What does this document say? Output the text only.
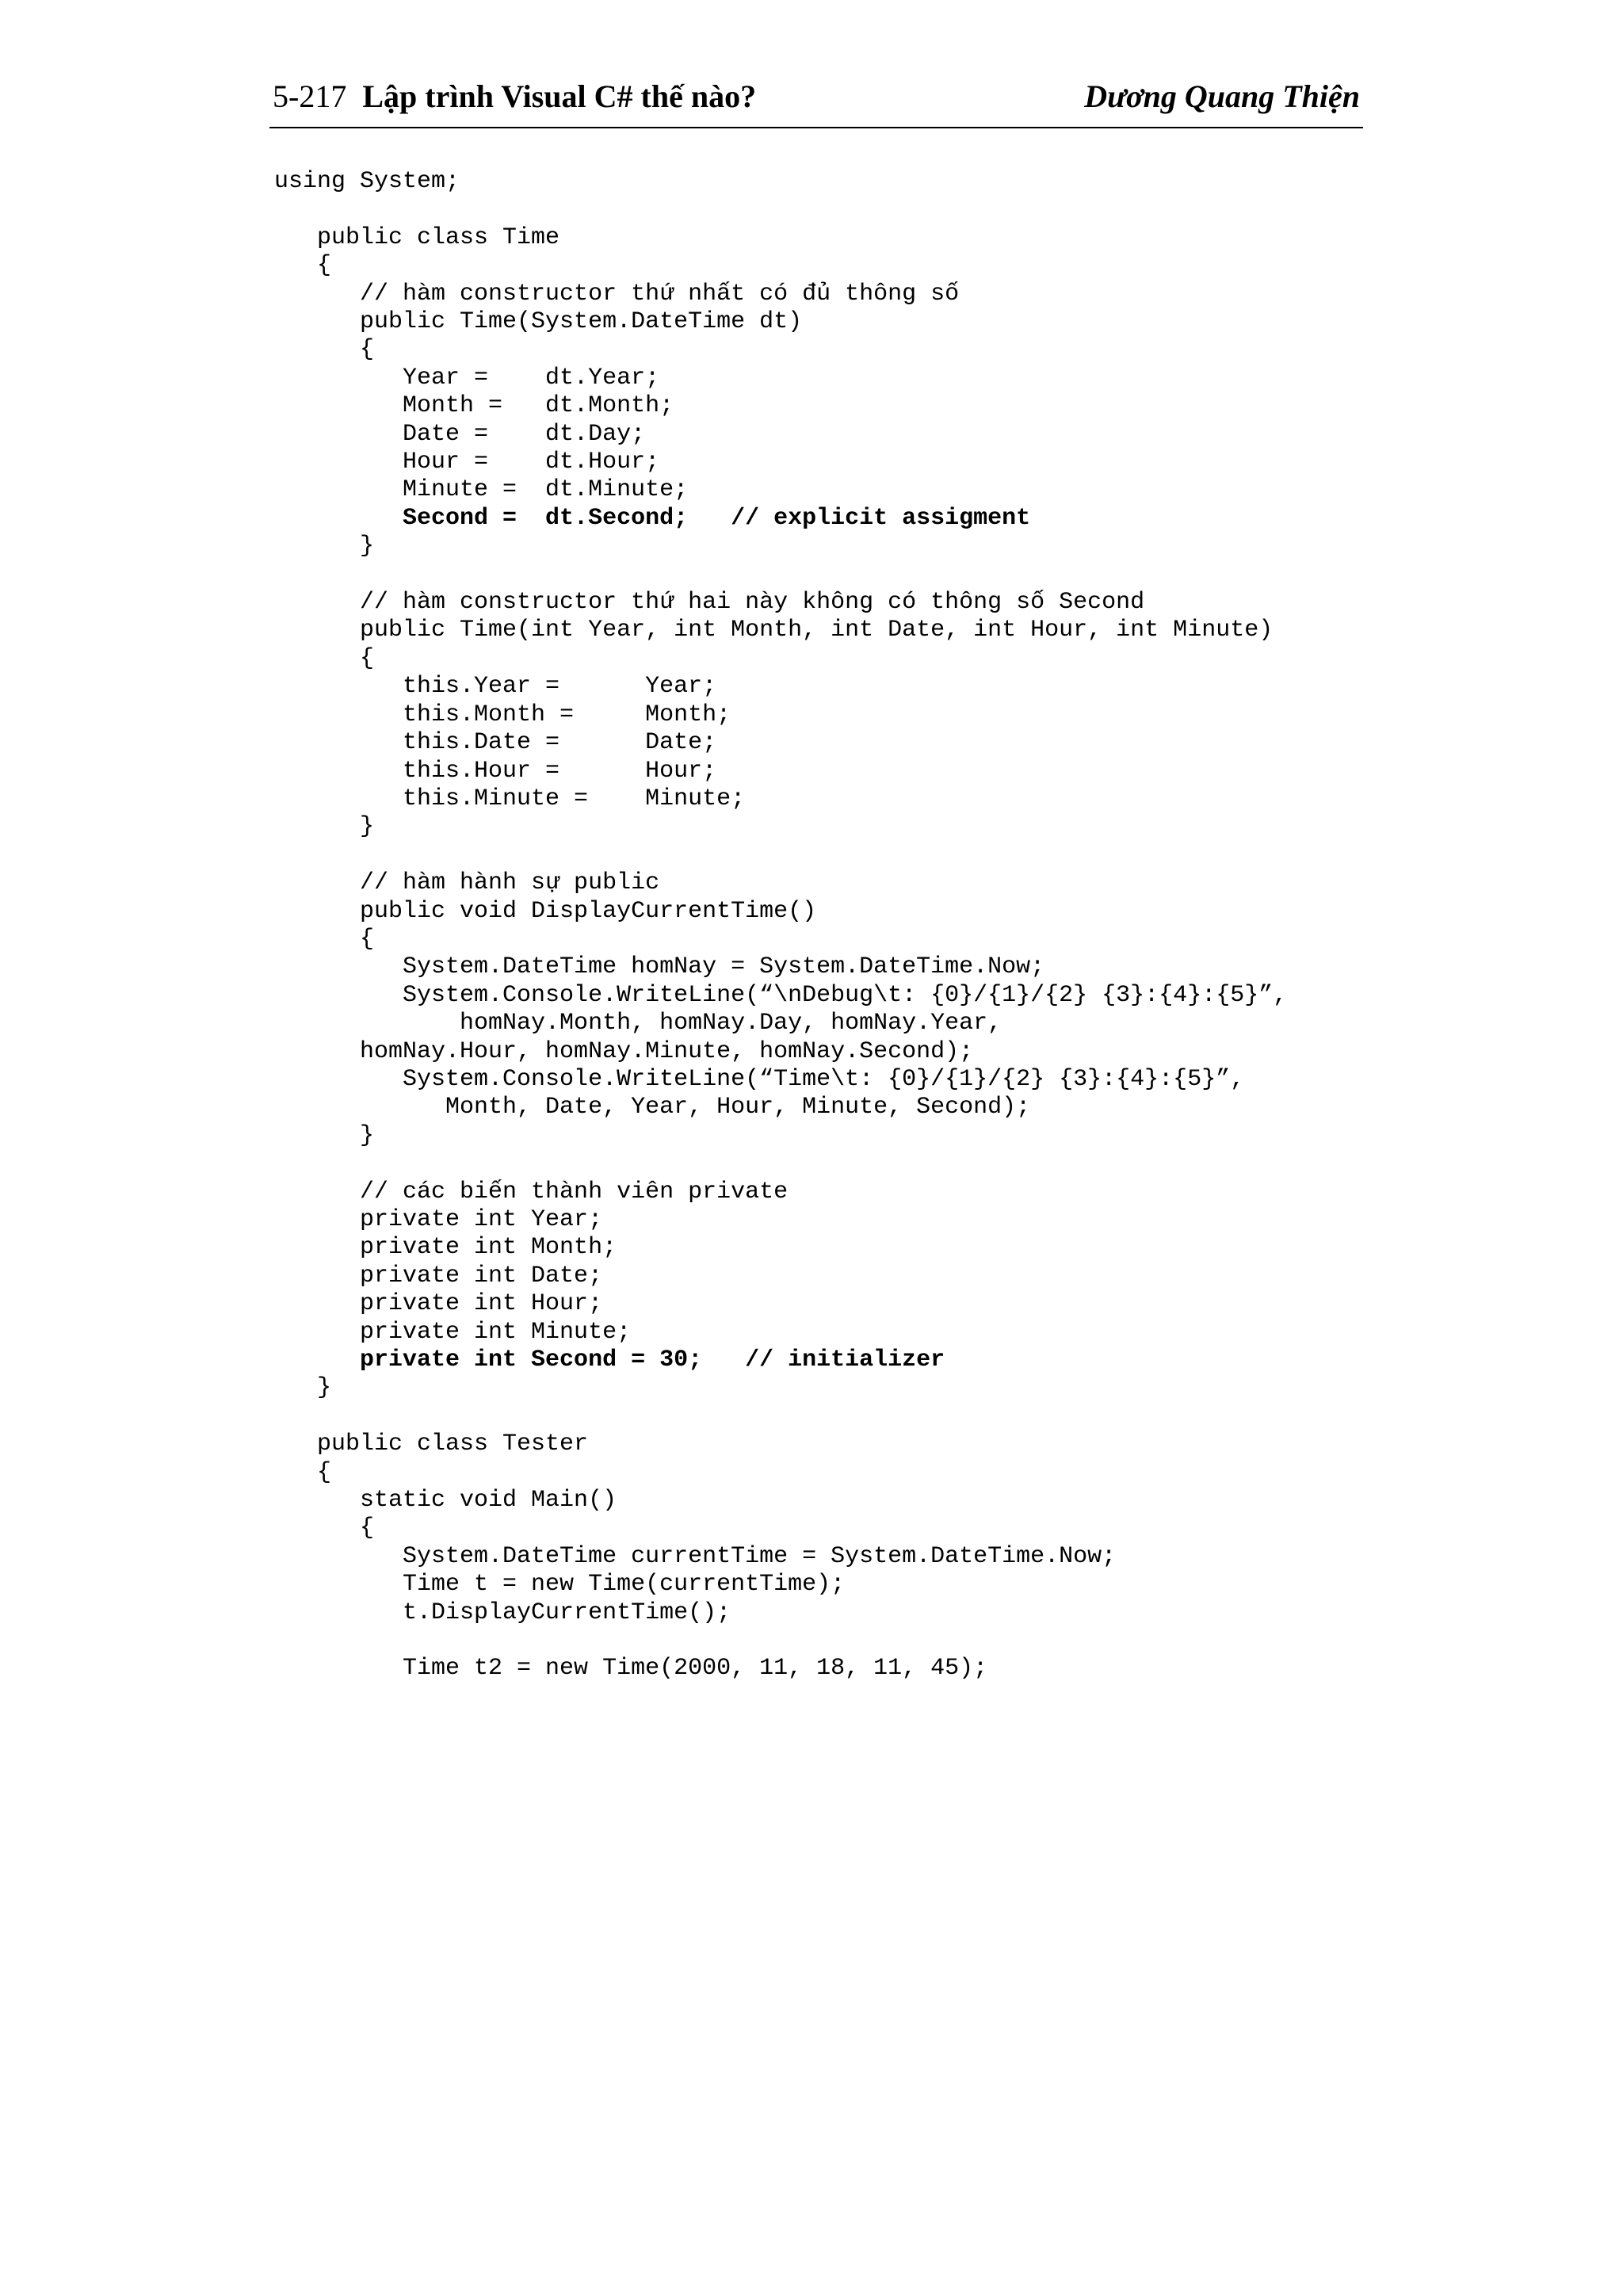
5-217 Lập trình Visual C# thế nào?	Dương Quang Thiện
using System;
public class Time
{
// hàm constructor thứ nhất có đủ thông số
public Time(System.DateTime dt)
{
Year =    dt.Year;
Month =   dt.Month;
Date =    dt.Day;
Hour =    dt.Hour;
Minute =  dt.Minute;
Second =  dt.Second;   // explicit assigment
}
// hàm constructor thứ hai này không có thông số Second
public Time(int Year, int Month, int Date, int Hour, int Minute)
{
this.Year =      Year;
this.Month =     Month;
this.Date =      Date;
this.Hour =      Hour;
this.Minute =    Minute;
}
// hàm hành sự public
public void DisplayCurrentTime()
{
System.DateTime homNay = System.DateTime.Now;
System.Console.WriteLine(“\nDebug\t: {0}/{1}/{2} {3}:{4}:{5}”,
homNay.Month, homNay.Day, homNay.Year,
homNay.Hour, homNay.Minute, homNay.Second);
System.Console.WriteLine(“Time\t: {0}/{1}/{2} {3}:{4}:{5}”,
Month, Date, Year, Hour, Minute, Second);
}
// các biến thành viên private
private int Year;
private int Month;
private int Date;
private int Hour;
private int Minute;
private int Second = 30;   // initializer
}
public class Tester
{
static void Main()
{
System.DateTime currentTime = System.DateTime.Now;
Time t = new Time(currentTime);
t.DisplayCurrentTime();
Time t2 = new Time(2000, 11, 18, 11, 45);
